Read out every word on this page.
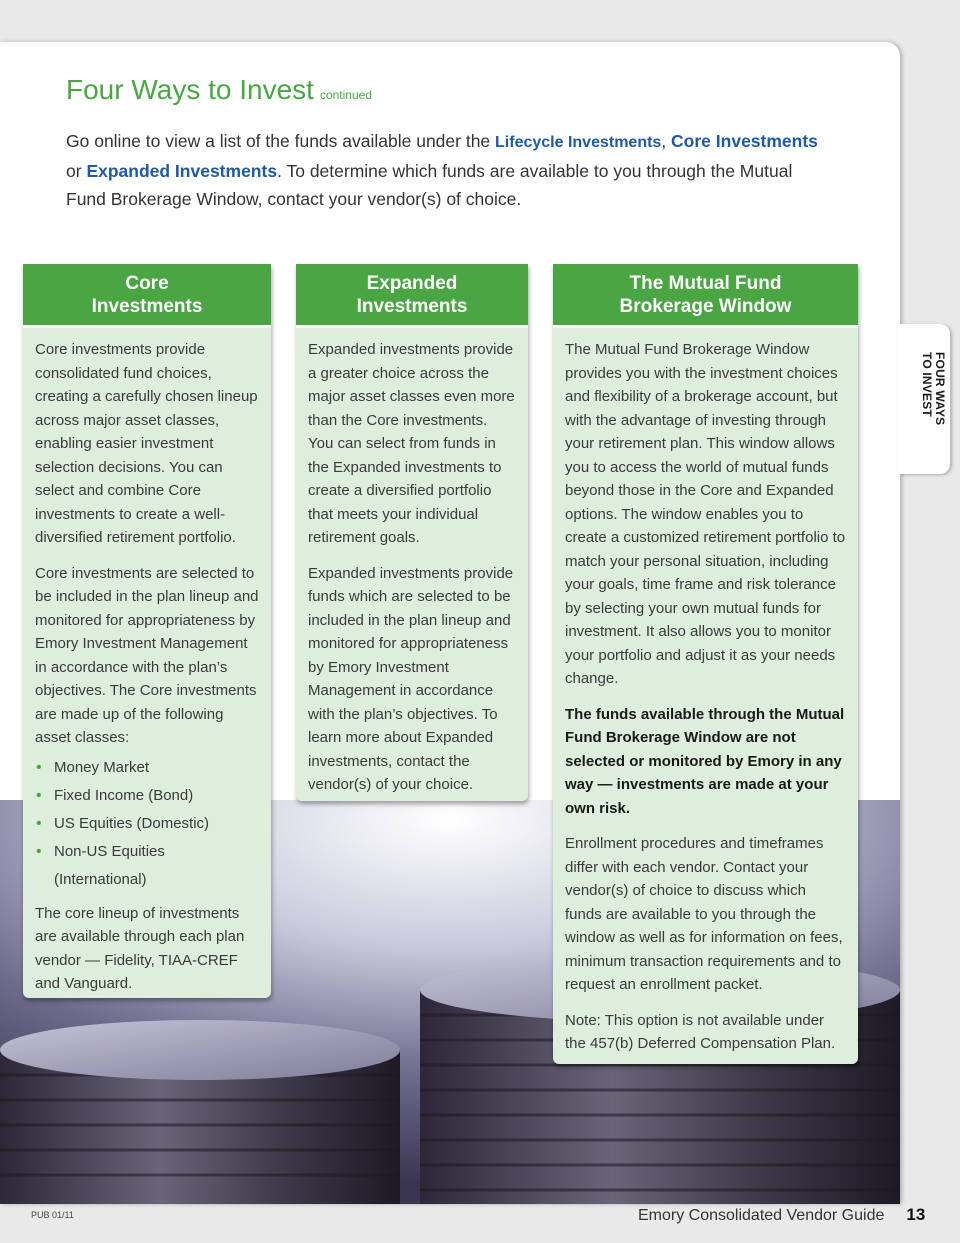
FOUR WAYS
TO INVEST
Four Ways to Invest continued
Go online to view a list of the funds available under the Lifecycle Investments, Core Investments or Expanded Investments. To determine which funds are available to you through the Mutual Fund Brokerage Window, contact your vendor(s) of choice.
Core
Investments

Core investments provide consolidated fund choices, creating a carefully chosen lineup across major asset classes, enabling easier investment selection decisions. You can select and combine Core investments to create a well-diversified retirement portfolio.

Core investments are selected to be included in the plan lineup and monitored for appropriateness by Emory Investment Management in accordance with the plan’s objectives. The Core investments are made up of the following asset classes:

• Money Market
• Fixed Income (Bond)
• US Equities (Domestic)
• Non-US Equities (International)

The core lineup of investments are available through each plan vendor — Fidelity, TIAA-CREF and Vanguard.

Expanded
Investments

Expanded investments provide a greater choice across the major asset classes even more than the Core investments. You can select from funds in the Expanded investments to create a diversified portfolio that meets your individual retirement goals.

Expanded investments provide funds which are selected to be included in the plan lineup and monitored for appropriateness by Emory Investment Management in accordance with the plan’s objectives. To learn more about Expanded investments, contact the vendor(s) of your choice.

The Mutual Fund
Brokerage Window

The Mutual Fund Brokerage Window provides you with the investment choices and flexibility of a brokerage account, but with the advantage of investing through your retirement plan. This window allows you to access the world of mutual funds beyond those in the Core and Expanded options. The window enables you to create a customized retirement portfolio to match your personal situation, including your goals, time frame and risk tolerance by selecting your own mutual funds for investment. It also allows you to monitor your portfolio and adjust it as your needs change.

The funds available through the Mutual Fund Brokerage Window are not selected or monitored by Emory in any way — investments are made at your own risk.

Enrollment procedures and timeframes differ with each vendor. Contact your vendor(s) of choice to discuss which funds are available to you through the window as well as for information on fees, minimum transaction requirements and to request an enrollment packet.

Note: This option is not available under the 457(b) Deferred Compensation Plan.

PUB 01/11	Emory Consolidated Vendor Guide 13
